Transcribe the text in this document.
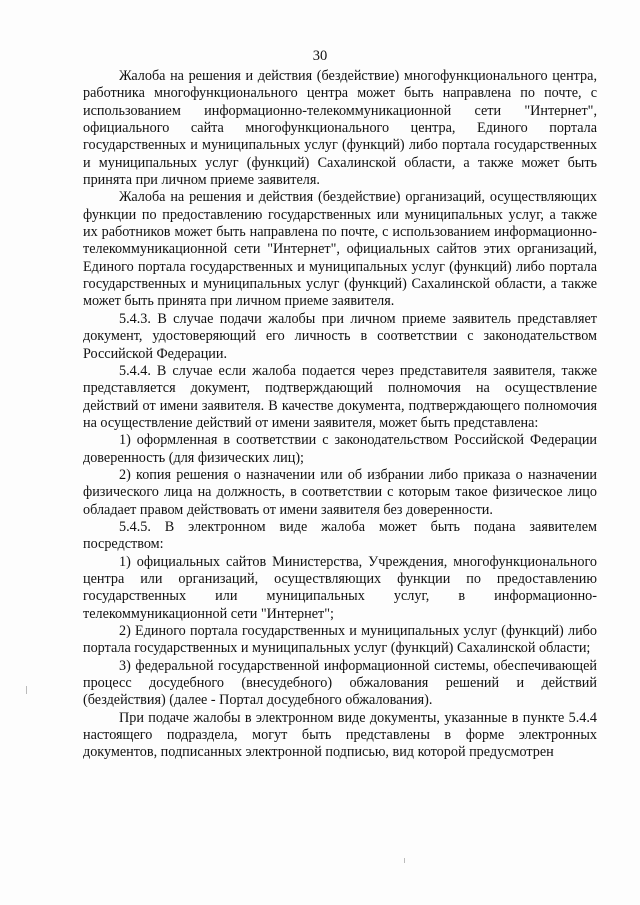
30

Жалоба на решения и действия (бездействие) многофункционального центра, работника многофункционального центра может быть направлена по почте, с использованием информационно-телекоммуникационной сети "Интернет", официального сайта многофункционального центра, Единого портала государственных и муниципальных услуг (функций) либо портала государственных и муниципальных услуг (функций) Сахалинской области, а также может быть принята при личном приеме заявителя.

Жалоба на решения и действия (бездействие) организаций, осуществляющих функции по предоставлению государственных или муниципальных услуг, а также их работников может быть направлена по почте, с использованием информационно-телекоммуникационной сети "Интернет", официальных сайтов этих организаций, Единого портала государственных и муниципальных услуг (функций) либо портала государственных и муниципальных услуг (функций) Сахалинской области, а также может быть принята при личном приеме заявителя.

5.4.3. В случае подачи жалобы при личном приеме заявитель представляет документ, удостоверяющий его личность в соответствии с законодательством Российской Федерации.

5.4.4. В случае если жалоба подается через представителя заявителя, также представляется документ, подтверждающий полномочия на осуществление действий от имени заявителя. В качестве документа, подтверждающего полномочия на осуществление действий от имени заявителя, может быть представлена:

1) оформленная в соответствии с законодательством Российской Федерации доверенность (для физических лиц);

2) копия решения о назначении или об избрании либо приказа о назначении физического лица на должность, в соответствии с которым такое физическое лицо обладает правом действовать от имени заявителя без доверенности.

5.4.5. В электронном виде жалоба может быть подана заявителем посредством:

1) официальных сайтов Министерства, Учреждения, многофункционального центра или организаций, осуществляющих функции по предоставлению государственных или муниципальных услуг, в информационно-телекоммуникационной сети "Интернет";

2) Единого портала государственных и муниципальных услуг (функций) либо портала государственных и муниципальных услуг (функций) Сахалинской области;

3) федеральной государственной информационной системы, обеспечивающей процесс досудебного (внесудебного) обжалования решений и действий (бездействия) (далее - Портал досудебного обжалования).

При подаче жалобы в электронном виде документы, указанные в пункте 5.4.4 настоящего подраздела, могут быть представлены в форме электронных документов, подписанных электронной подписью, вид которой предусмотрен
